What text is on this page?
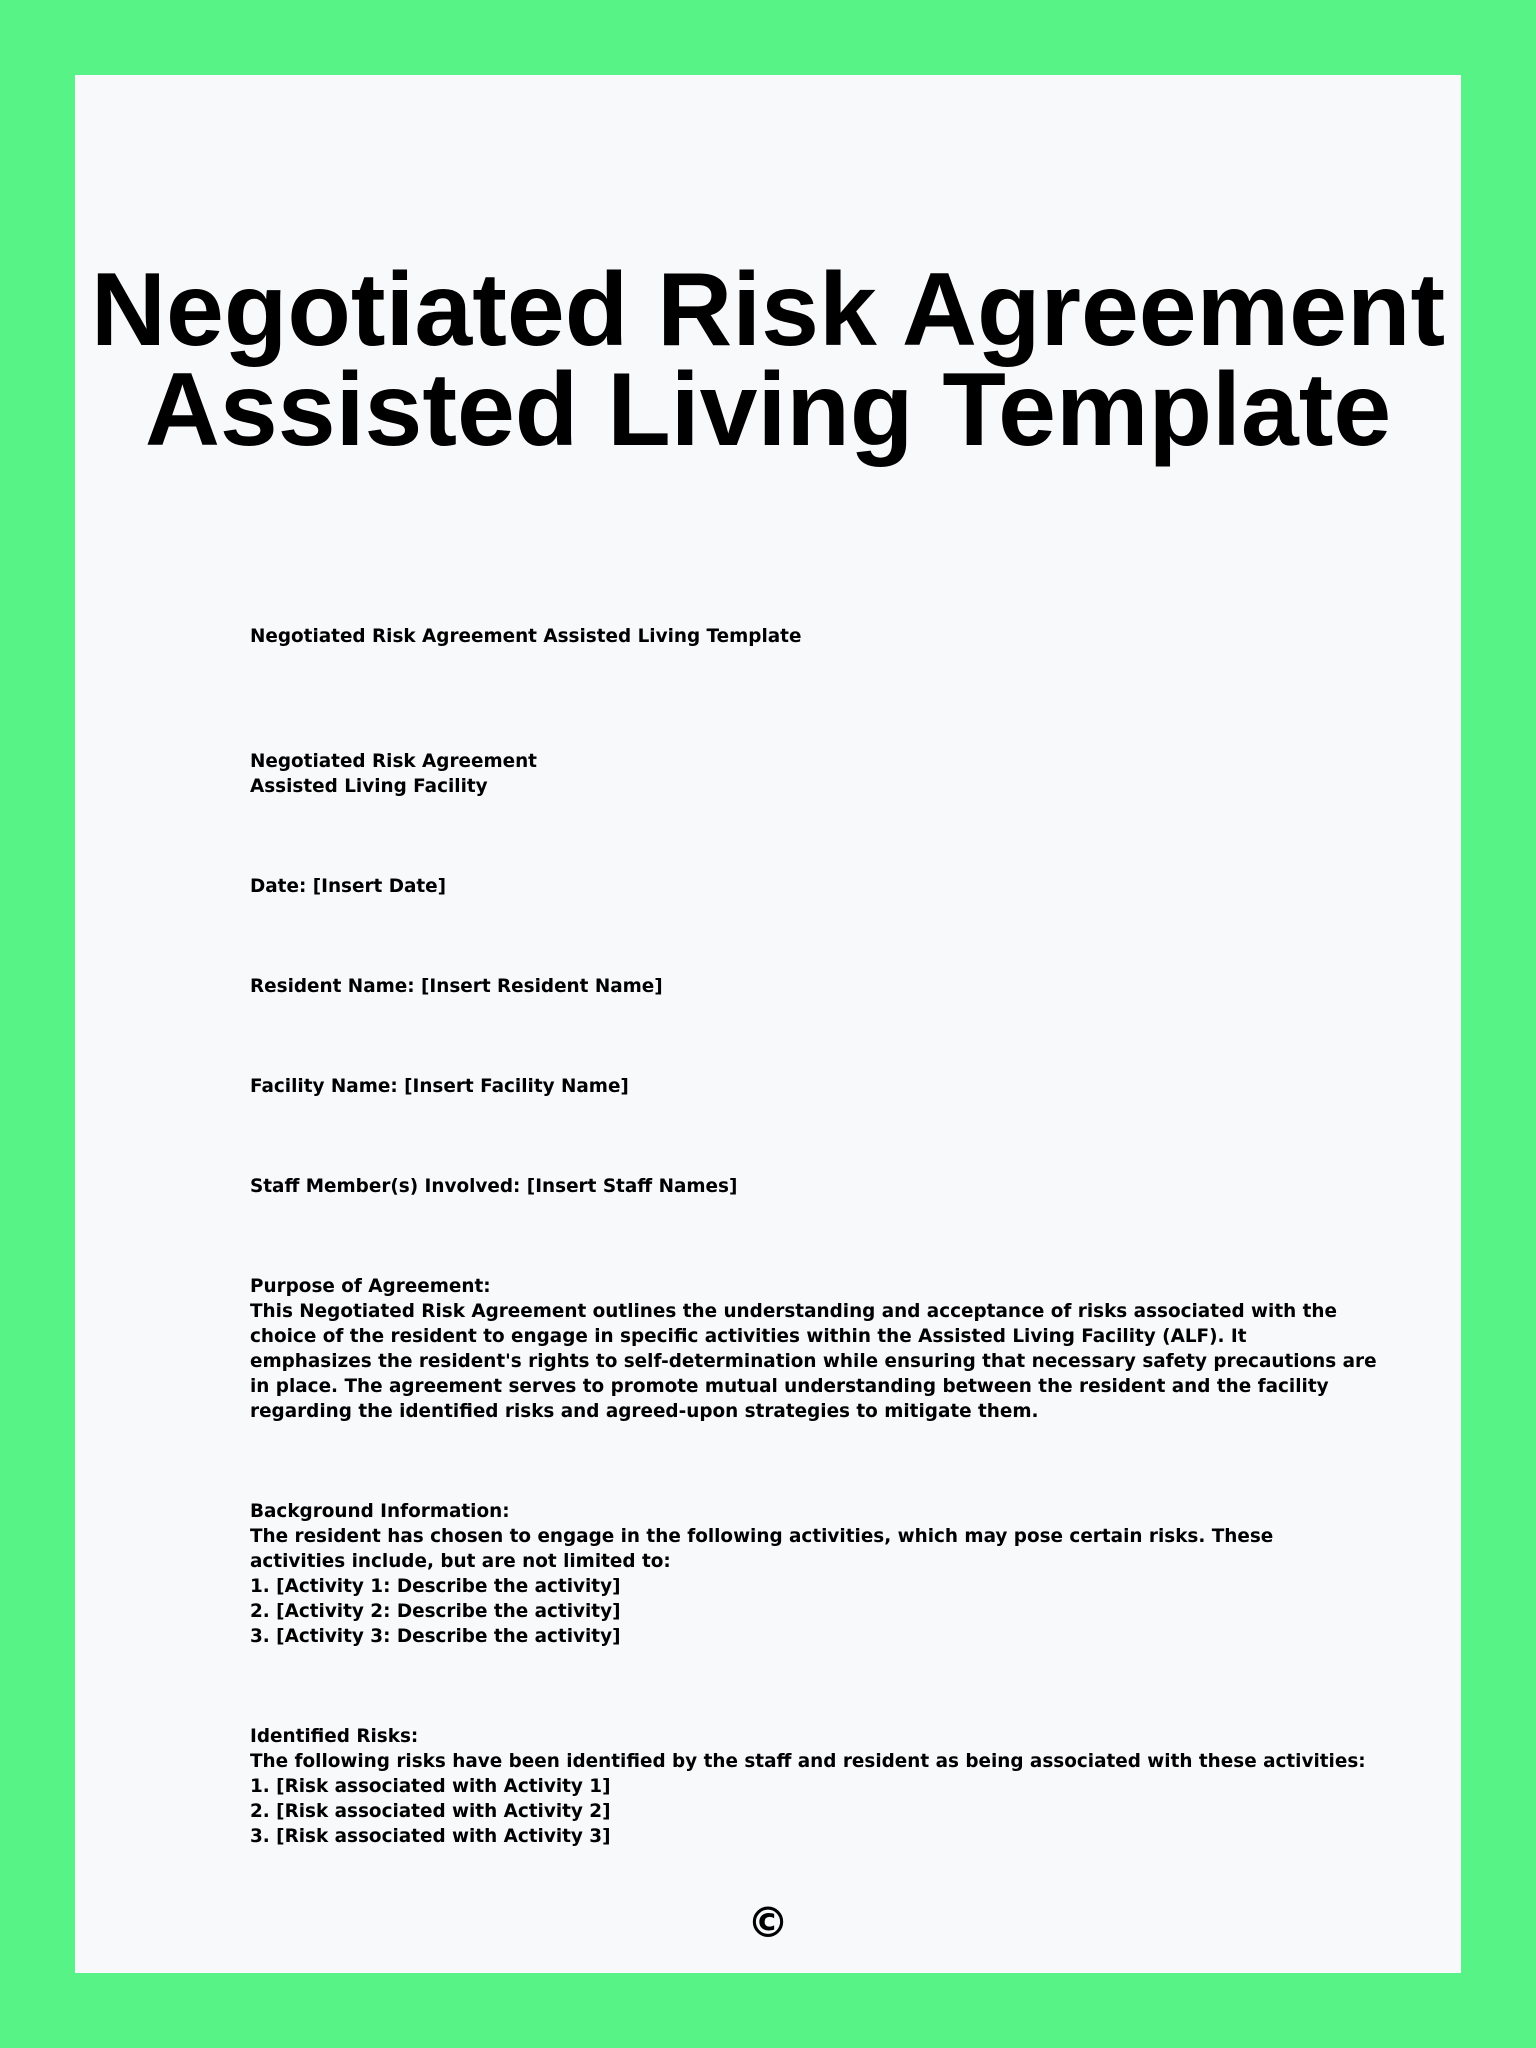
Negotiated Risk Agreement
Assisted Living Template
Negotiated Risk Agreement Assisted Living Template
Negotiated Risk Agreement
Assisted Living Facility
Date: [Insert Date]
Resident Name: [Insert Resident Name]
Facility Name: [Insert Facility Name]
Staff Member(s) Involved: [Insert Staff Names]
Purpose of Agreement:
This Negotiated Risk Agreement outlines the understanding and acceptance of risks associated with the
choice of the resident to engage in specific activities within the Assisted Living Facility (ALF). It
emphasizes the resident's rights to self-determination while ensuring that necessary safety precautions are
in place. The agreement serves to promote mutual understanding between the resident and the facility
regarding the identified risks and agreed-upon strategies to mitigate them.
Background Information:
The resident has chosen to engage in the following activities, which may pose certain risks. These
activities include, but are not limited to:
1. [Activity 1: Describe the activity]
2. [Activity 2: Describe the activity]
3. [Activity 3: Describe the activity]
Identified Risks:
The following risks have been identified by the staff and resident as being associated with these activities:
1. [Risk associated with Activity 1]
2. [Risk associated with Activity 2]
3. [Risk associated with Activity 3]
©
